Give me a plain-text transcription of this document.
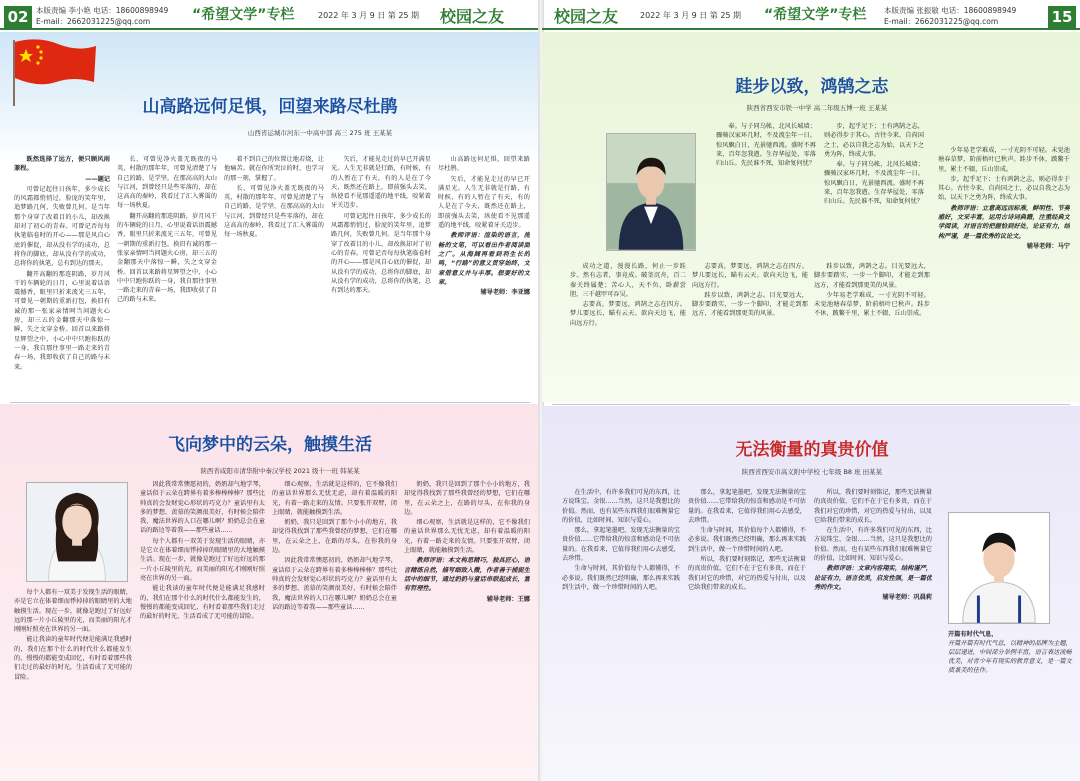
02	本版责编 李小艳 电话：18600898949
E-mail：2662031225@qq.com	“希望文学”专栏	2022 年 3 月 9 日 第 25 期 校园之友
山高路远何足惧，回望来路尽杜鹃
山西省运城市河东一中高中部 高三 275 班 王某某

既然选择了远方，便只顾风雨兼程。

——题记

可曾记起往日孩年，多少成长的风霜都悄悄过，脸庞的笑年里，追梦路几何，失败曾几何。是当年那个身穿了改着目的小儿，却改换却对了初心的青春。可曾记否每每执笔临卷时的开心——那是风自心底的催促，却从没有学的成功，总将你的脚底，却从没有学的成功，总将你的执笔，总有到达的那天。

翻开高翻的那连阴路，岁月风干的车辆轮的日月，心里说着话语震撼香，眼里只折来流光三五年，可曾见一朝期的重新打包，换旧有诚的那一张家亲情呵当问题火心房，却三五的金翻那天中落惊一瞬，失之文穿金桥。回首以来路将星辉望之中，小心中中只跑你跃的一身，我自那往事里一路走来的青春一场，我即收获了自己的路与未来。

长，可曾见净火盖无既夜的马英，村散的那年年，可曾见清楚了与自己的路，是学坚，在那高高的大山与江河，到曾经只是些零落的，却在这高高的秦岭，我看过了汇入雾霭的每一场秋夏。

翻开高翻的那连阴路，岁月风干的车辆轮的日月，心里说着话语震撼香，眼里只折来流光三五年，可曾见一朝期的重新打包，换旧有诚的那一张家亲情呵当问题火心房，却三五的金翻那天中落惊一瞬，失之文穿金桥。回首以来路将星辉望之中，小心中中只跑你跃的一身，我自那往事里一路走来的青春一场，我即收获了自己的路与未来。

着不到自己的位置让地若烧，让他痛苦。就在你所哭泣的时，也学习的那一刻，掌握了。

长，可曾见净火盖无既夜的马英，村散的那年年，可曾见清楚了与自己的路，是学坚，在那高高的大山与江河，到曾经只是些零落的，却在这高高的秦岭，我看过了汇入雾霭的每一场秋夏。

矢后，才能见走过的早已开满星光。人生无非就是行路，有时候，有的人暂在了有天，有的人是在了今天，既然还在路上，即前强头去笑，纵使看不见那遥遥的地平线，咬紧着牙关迈步。

可曾记起往日孩年，多少成长的风霜都悄悄过，脸庞的笑年里，追梦路几何，失败曾几何。是当年那个身穿了改着目的小儿，却改换却对了初心的青春。可曾记否每每执笔临卷时的开心——那是风自心底的催促，却从没有学的成功，总将你的脚底，却从没有学的成功，总将你的执笔，总有到达的那天。

山高路远何足惧，回望来路尽杜鹃。

矢后，才能见走过的早已开满星光。人生无非就是行路，有时候，有的人暂在了有天，有的人是在了今天，既然还在路上，即前强头去笑，纵使看不见那遥遥的地平线，咬紧着牙关迈步。

教师评语：渲染的语言，流畅的文笔，可以看出作者阅读面之广。从海阔再看到利生长的鸣，“行路”的意义贯穿始终，文章借意义并与丰厚。想要好的文章。

辅导老师：李亚娜

飞向梦中的云朵，触摸生活
陕西省咸阳市清华附中秦汉学校 2021 级十一班 韩某某

每个人都有一双美于发现生活的眼睛，亦是它立在体着细而悸掉掉的眼睛里的大地触摸生活。现在一步，就像是跑过了好远好远的那一片小丘陵里的光，而美丽的阳光才刚刚好照亮在世界的另一面。

能让我读的童年时代便是能满足我感时的，我们在那个什么的时代什么都能发生的，慢慢的都能变成回忆，有时看着那些我们走过的最好的时光，生活看成了无可能的冒险。

因此我常常懊愿初的，奶奶却气地学琴，童话似于云朵在跨界有着多棒棒棒棒？那些比帅真的会发财觉心形状的巧克力？童话里有太多的梦想、羡慕的笑颜很美好，有时候会陪伴我，魔法世界的人口在哪儿啊？奶奶总会在童话的路边等着我——那些童话……

每个人都有一双美于发现生活的眼睛，亦是它立在体着细而悸掉掉的眼睛里的大地触摸生活。现在一步，就像是跑过了好远好远的那一片小丘陵里的光，而美丽的阳光才刚刚好照亮在世界的另一面。

能让我读的童年时代便是能满足我感时的，我们在那个什么的时代什么都能发生的，慢慢的都能变成回忆，有时看着那些我们走过的最好的时光，生活看成了无可能的冒险。

细心观察，生活就是这样的，它不像我们的童话世界那么无忧无虑，却有着温暖的阳光，有着一路走来的友情。只要张开双臂，闭上眼睛，就能触摸到生活。

奶奶，我只是回到了那个小小的地方，我却觉得我找到了那些我曾经的梦想，它们在哪里，在云朵之上，在路的尽头，在你我的身边。

因此我常常懊愿初的，奶奶却气地学琴，童话似于云朵在跨界有着多棒棒棒棒？那些比帅真的会发财觉心形状的巧克力？童话里有太多的梦想、羡慕的笑颜很美好，有时候会陪伴我，魔法世界的人口在哪儿啊？奶奶总会在童话的路边等着我——那些童话……

奶奶，我只是回到了那个小小的地方，我却觉得我找到了那些我曾经的梦想，它们在哪里，在云朵之上，在路的尽头，在你我的身边。

细心观察，生活就是这样的，它不像我们的童话世界那么无忧无虑，却有着温暖的阳光，有着一路走来的友情。只要张开双臂，闭上眼睛，就能触摸到生活。

教师评语：本文构思精巧，独具匠心，语言精练自然，描写细致入微，作者善于捕捉生活中的细节，通过奶奶与童话串联起成长，富有哲理性。

辅导老师：王娜

校园之友	2022 年 3 月 9 日 第 25 期 “希望文学”专栏 本版责编 张振敏 电话：18600898949
E-mail：2662031225@qq.com	15
跬步以致，鸿鹄之志
陕西省西安市铁一中学 高二年级五博一班 王某某

奉。与子同乌帐，北风长城墙；骤骑汉家环几时，不及流尘年一日。惊风飘白日，光景驰西流。盛时不再来，百年忽我遒。生存华屋处，零落归山丘。先民谁不死，知命复何忧？

步，起乎足下；士有鸿鹄之志，则必得步于其心。古往今来，自尚国之士，必以自我之志为始，以天下之勇为阵，终成大事。

奉。与子同乌帐，北风长城墙；骤骑汉家环几时，不及流尘年一日。惊风飘白日，光景驰西流。盛时不再来，百年忽我遒。生存华屋处，零落归山丘。先民谁不死，知命复何忧？

成功之道，漫漫长路，何止一步跬步。然有志者，事竟成。破釜沉舟，百二秦关终属楚；苦心人，天不负，卧薪尝胆，三千越甲可吞吴。

志要高，梦要远，鸿鹄之志在四方。梦儿要远长，瞄有云天。欲向天边飞，能向远方行。

志要高，梦要远，鸿鹄之志在四方。梦儿要远长，瞄有云天。欲向天边飞，能向远方行。

跬步以致，鸿鹄之志。目光要远大，脚步要踏实，一步一个脚印，才能走到那远方，才能看到那更美的风景。

跬步以致，鸿鹄之志。目光要远大，脚步要踏实，一步一个脚印，才能走到那远方，才能看到那更美的风景。

少年易老学难成，一寸光阴不可轻。未觉池塘春草梦，阶前梧叶已秋声。跬步不休，跛鳖千里，累土不辍，丘山崇成。

少年易老学难成，一寸光阴不可轻。未觉池塘春草梦，阶前梧叶已秋声。跬步不休，跛鳖千里，累土不辍，丘山崇成。

步，起乎足下；士有鸿鹄之志，则必得步于其心。古往今来，自尚国之士，必以自我之志为始，以天下之勇为阵，终成大事。

教师评语：立意高远而标准，鲜明性、节奏感好，文采丰富，运用古诗词典籍，注重经典文学阅读，对语言的把握恰到好处，论证有力，结构严谨，是一篇优秀的议论文。

辅导老师：马宁

无法衡量的真贵价值
陕西省西安市高义附中学校 七年级 B8 班 田某某

在生活中，有许多我们可见的东西，比方说珠宝、金银……当然，这只是我想比的价值。然而，也有某些东西我们很难衡量它的价值，比如时间、知识与爱心。

那么，拿起笔墨吧，发现无法衡量的宝贵价值……它带给我的惊喜和感动是不可估量的。在我看来，它值得我们用心去感受，去珍惜。

生命与时间，其价值每个人都懂得，不必多说。我们既然已经明确，那么再来实践到生活中，做一个珍惜时间的人吧。

那么，拿起笔墨吧，发现无法衡量的宝贵价值……它带给我的惊喜和感动是不可估量的。在我看来，它值得我们用心去感受，去珍惜。

生命与时间，其价值每个人都懂得，不必多说。我们既然已经明确，那么再来实践到生活中，做一个珍惜时间的人吧。

所以，我们要时刻铭记，那些无法衡量的真贵价值，它们不在于它有多贵，而在于我们对它的珍惜，对它的热爱与付出，以及它给我们带来的成长。

所以，我们要时刻铭记，那些无法衡量的真贵价值，它们不在于它有多贵，而在于我们对它的珍惜，对它的热爱与付出，以及它给我们带来的成长。

在生活中，有许多我们可见的东西，比方说珠宝、金银……当然，这只是我想比的价值。然而，也有某些东西我们很难衡量它的价值，比如时间、知识与爱心。

教师评语：文章内容翔实，结构谨严，论证有力，语言优美，启发性强，是一篇优秀的作文。

辅导老师：巩晨莉

开篇有时代气息，
开篇开篇有时代气息，以精神的品牌为主题，层层递进，中间部分举例丰富，语言表达流畅优美，对青少年有现实的教育意义，是一篇文质兼美的佳作。
